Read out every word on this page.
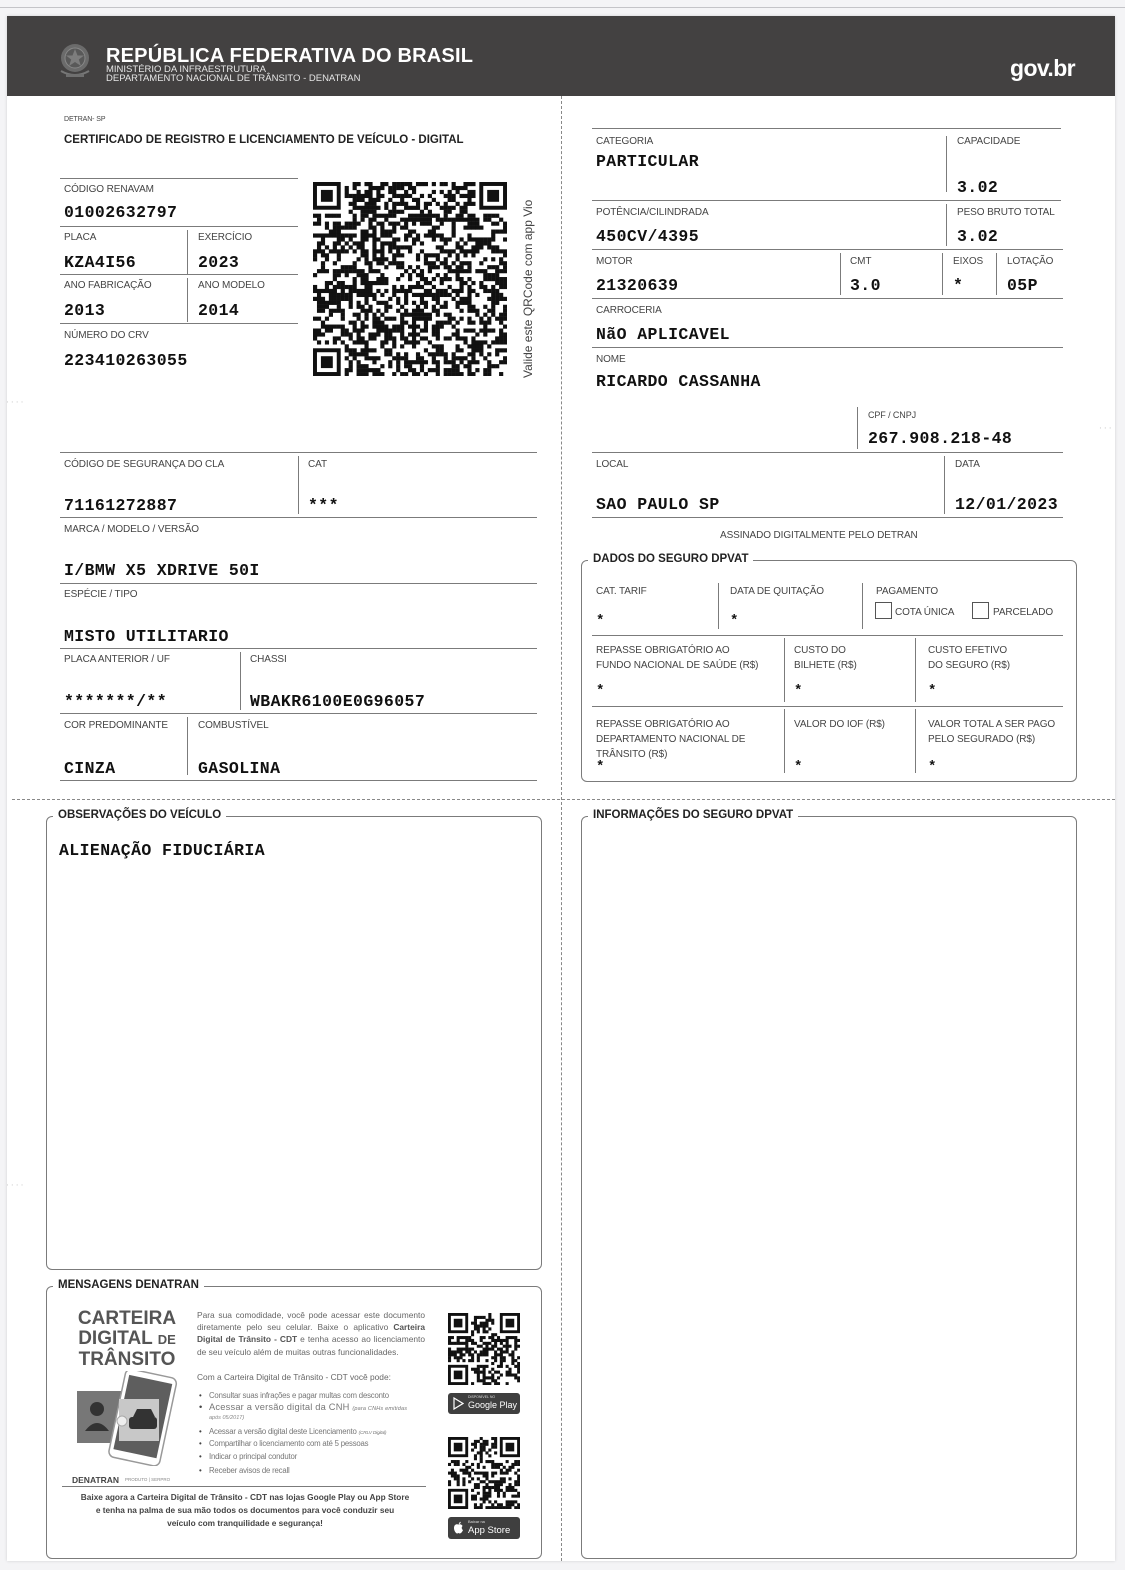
REPÚBLICA FEDERATIVA DO BRASIL
MINISTÉRIO DA INFRAESTRUTURA
DEPARTAMENTO NACIONAL DE TRÂNSITO - DENATRAN	gov.br
····
···
····
DETRAN- SP
CERTIFICADO DE REGISTRO E LICENCIAMENTO DE VEÍCULO - DIGITAL
CÓDIGO RENAVAM
01002632797
PLACA
KZA4I56
EXERCÍCIO
2023
ANO FABRICAÇÃO
2013
ANO MODELO
2014
NÚMERO DO CRV
223410263055	Valide este QRCode com app Vio
CÓDIGO DE SEGURANÇA DO CLA
71161272887
CAT
***
MARCA / MODELO / VERSÃO
I/BMW X5 XDRIVE 50I
ESPÉCIE / TIPO
MISTO UTILITARIO
PLACA ANTERIOR / UF
*******/**
CHASSI
WBAKR6100E0G96057
COR PREDOMINANTE
CINZA
COMBUSTÍVEL
GASOLINA
CATEGORIA
PARTICULAR
CAPACIDADE
3.02
POTÊNCIA/CILINDRADA
450CV/4395
PESO BRUTO TOTAL
3.02
MOTOR
21320639
CMT
3.0
EIXOS
*
LOTAÇÃO
05P
CARROCERIA
NãO APLICAVEL
NOME
RICARDO CASSANHA
CPF / CNPJ
267.908.218-48
LOCAL
SAO PAULO SP
DATA
12/01/2023
ASSINADO DIGITALMENTE PELO DETRAN
DADOS DO SEGURO DPVAT
CAT. TARIF
*
DATA DE QUITAÇÃO
*
PAGAMENTO
COTA ÚNICA	PARCELADO
REPASSE OBRIGATÓRIO AO
FUNDO NACIONAL DE SAÚDE (R$)
*
CUSTO DO
BILHETE (R$)
*
CUSTO EFETIVO
DO SEGURO (R$)
*
REPASSE OBRIGATÓRIO AO
DEPARTAMENTO NACIONAL DE
TRÂNSITO (R$)
*
VALOR DO IOF (R$)
*
VALOR TOTAL A SER PAGO
PELO SEGURADO (R$)
*
OBSERVAÇÕES DO VEÍCULO
ALIENAÇÃO FIDUCIÁRIA
INFORMAÇÕES DO SEGURO DPVAT
MENSAGENS DENATRAN
CARTEIRA
DIGITAL DE
TRÂNSITO
DENATRAN PRODUTO | SERPRO
Para sua comodidade, você pode acessar este documento diretamente pelo seu celular. Baixe o aplicativo Carteira Digital de Trânsito - CDT e tenha acesso ao licenciamento de seu veículo além de muitas outras funcionalidades.
Com a Carteira Digital de Trânsito - CDT você pode:
• Consultar suas infrações e pagar multas com desconto
• Acessar a versão digital da CNH (para CNHs emitidas
após 05/2017)
• Acessar a versão digital deste Licenciamento (CRLV Digital)
• Compartilhar o licenciamento com até 5 pessoas
• Indicar o principal condutor
• Receber avisos de recall
Baixe agora a Carteira Digital de Trânsito - CDT nas lojas Google Play ou App Store
e tenha na palma de sua mão todos os documentos para você conduzir seu
veículo com tranquilidade e segurança!
DISPONÍVEL NO
Google Play
Baixar na
App Store
